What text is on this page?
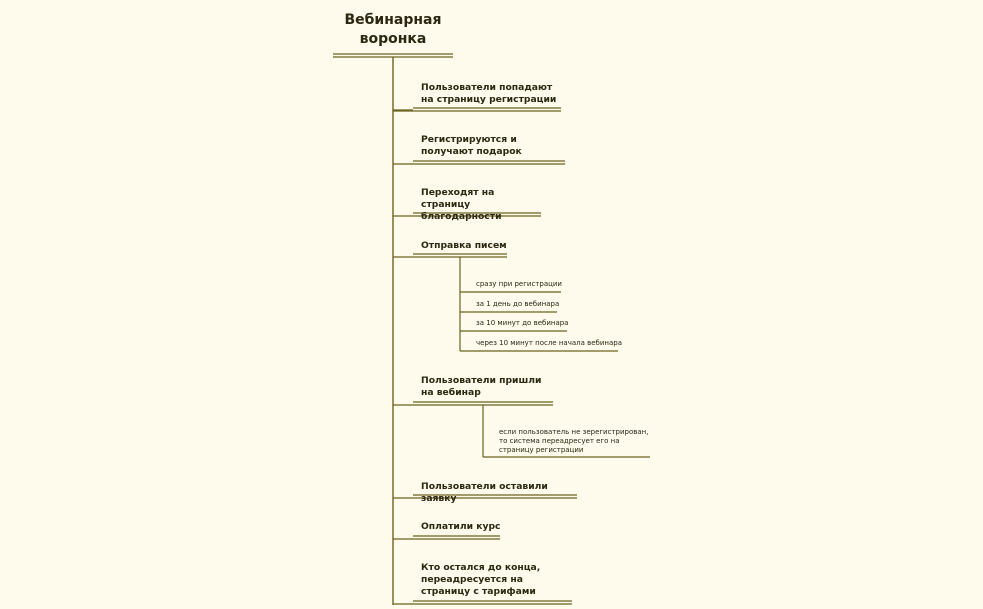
Вебинарная воронка
Пользователи попадают на страницу регистрации
Регистрируются и получают подарок
Переходят на страницу благодарности
Отправка писем
сразу при регистрации
за 1 день до вебинара
за 10 минут до вебинара
через 10 минут после начала вебинара
Пользователи пришли на вебинар
если пользователь не зерегистрирован, то система переадресует его на страницу регистрации
Пользователи оставили заявку
Оплатили курс
Кто остался до конца, переадресуется на страницу с тарифами
